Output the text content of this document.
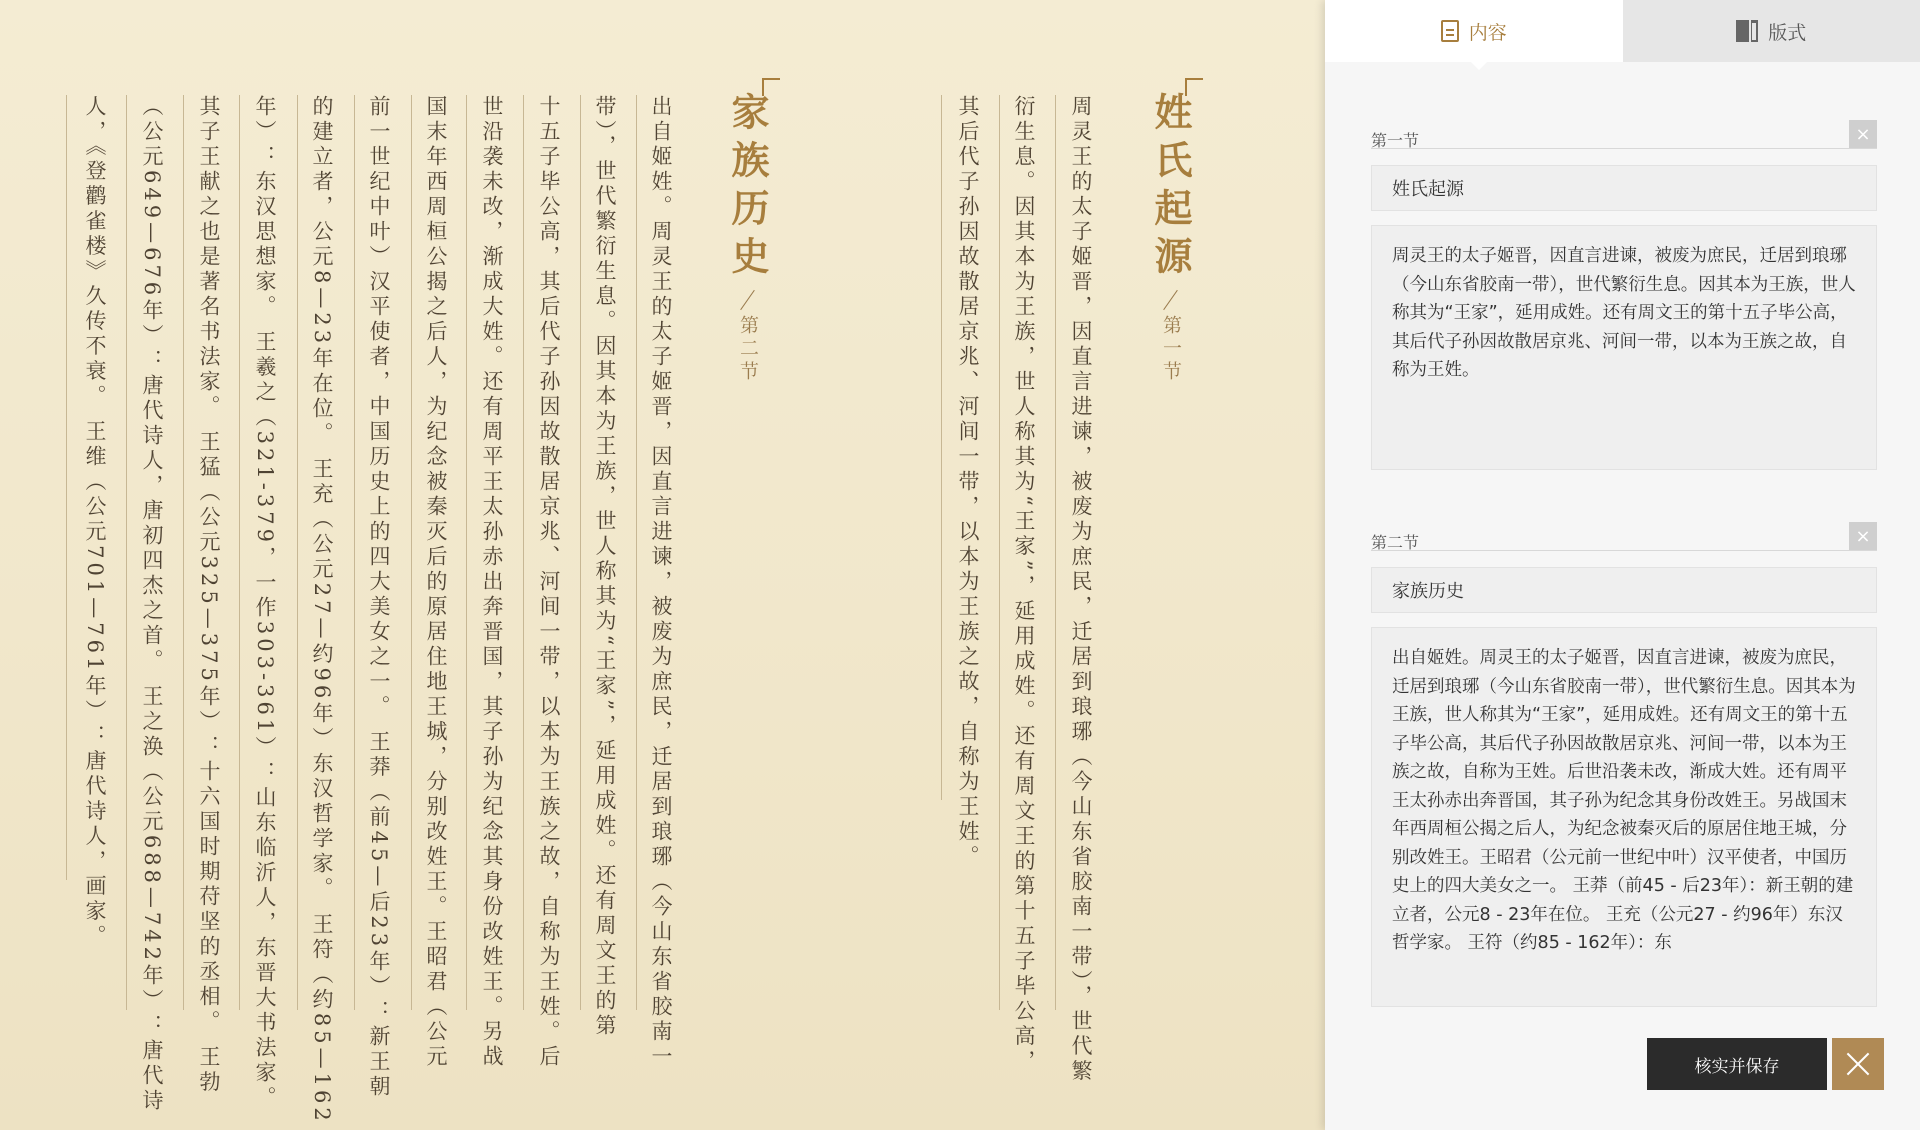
姓氏起源
第一节
周灵王的太子姬晋，因直言进谏，被废为庶民，迁居到琅琊（今山东省胶南一带），世代繁
衍生息。因其本为王族，世人称其为“王家”，延用成姓。还有周文王的第十五子毕公高，
其后代子孙因故散居京兆、河间一带，以本为王族之故，自称为王姓。
家族历史
第二节
出自姬姓。周灵王的太子姬晋，因直言进谏，被废为庶民，迁居到琅琊（今山东省胶南一
带），世代繁衍生息。因其本为王族，世人称其为“王家”，延用成姓。还有周文王的第
十五子毕公高，其后代子孙因故散居京兆、河间一带，以本为王族之故，自称为王姓。后
世沿袭未改，渐成大姓。还有周平王太孙赤出奔晋国，其子孙为纪念其身份改姓王。另战
国末年西周桓公揭之后人，为纪念被秦灭后的原居住地王城，分别改姓王。王昭君（公元
前一世纪中叶）汉平使者，中国历史上的四大美女之一。 王莽（前45—后23年）：新王朝
的建立者，公元8—23年在位。 王充（公元27—约96年）东汉哲学家。 王符（约85—162
年）：东汉思想家。 王羲之（321-379，一作303-361）：山东临沂人，东晋大书法家。
其子王献之也是著名书法家。 王猛（公元325—375年）：十六国时期苻坚的丞相。 王勃
（公元649—676年）：唐代诗人，唐初四杰之首。 王之涣（公元688—742年）：唐代诗
人，《登鹳雀楼》久传不衰。 王维（公元701—761年）：唐代诗人，画家。
内容	版式
第一节	×
姓氏起源
周灵王的太子姬晋，因直言进谏，被废为庶民，迁居到琅琊（今山东省胶南一带），世代繁衍生息。因其本为王族，世人称其为“王家”，延用成姓。还有周文王的第十五子毕公高，其后代子孙因故散居京兆、河间一带，以本为王族之故，自称为王姓。
第二节	×
家族历史
出自姬姓。周灵王的太子姬晋，因直言进谏，被废为庶民，迁居到琅琊（今山东省胶南一带），世代繁衍生息。因其本为王族，世人称其为“王家”，延用成姓。还有周文王的第十五子毕公高，其后代子孙因故散居京兆、河间一带，以本为王族之故，自称为王姓。后世沿袭未改，渐成大姓。还有周平王太孙赤出奔晋国，其子孙为纪念其身份改姓王。另战国末年西周桓公揭之后人，为纪念被秦灭后的原居住地王城，分别改姓王。王昭君（公元前一世纪中叶）汉平使者，中国历史上的四大美女之一。 王莽（前45 - 后23年）：新王朝的建立者，公元8 - 23年在位。 王充（公元27 - 约96年）东汉哲学家。 王符（约85 - 162年）：东
核实并保存
